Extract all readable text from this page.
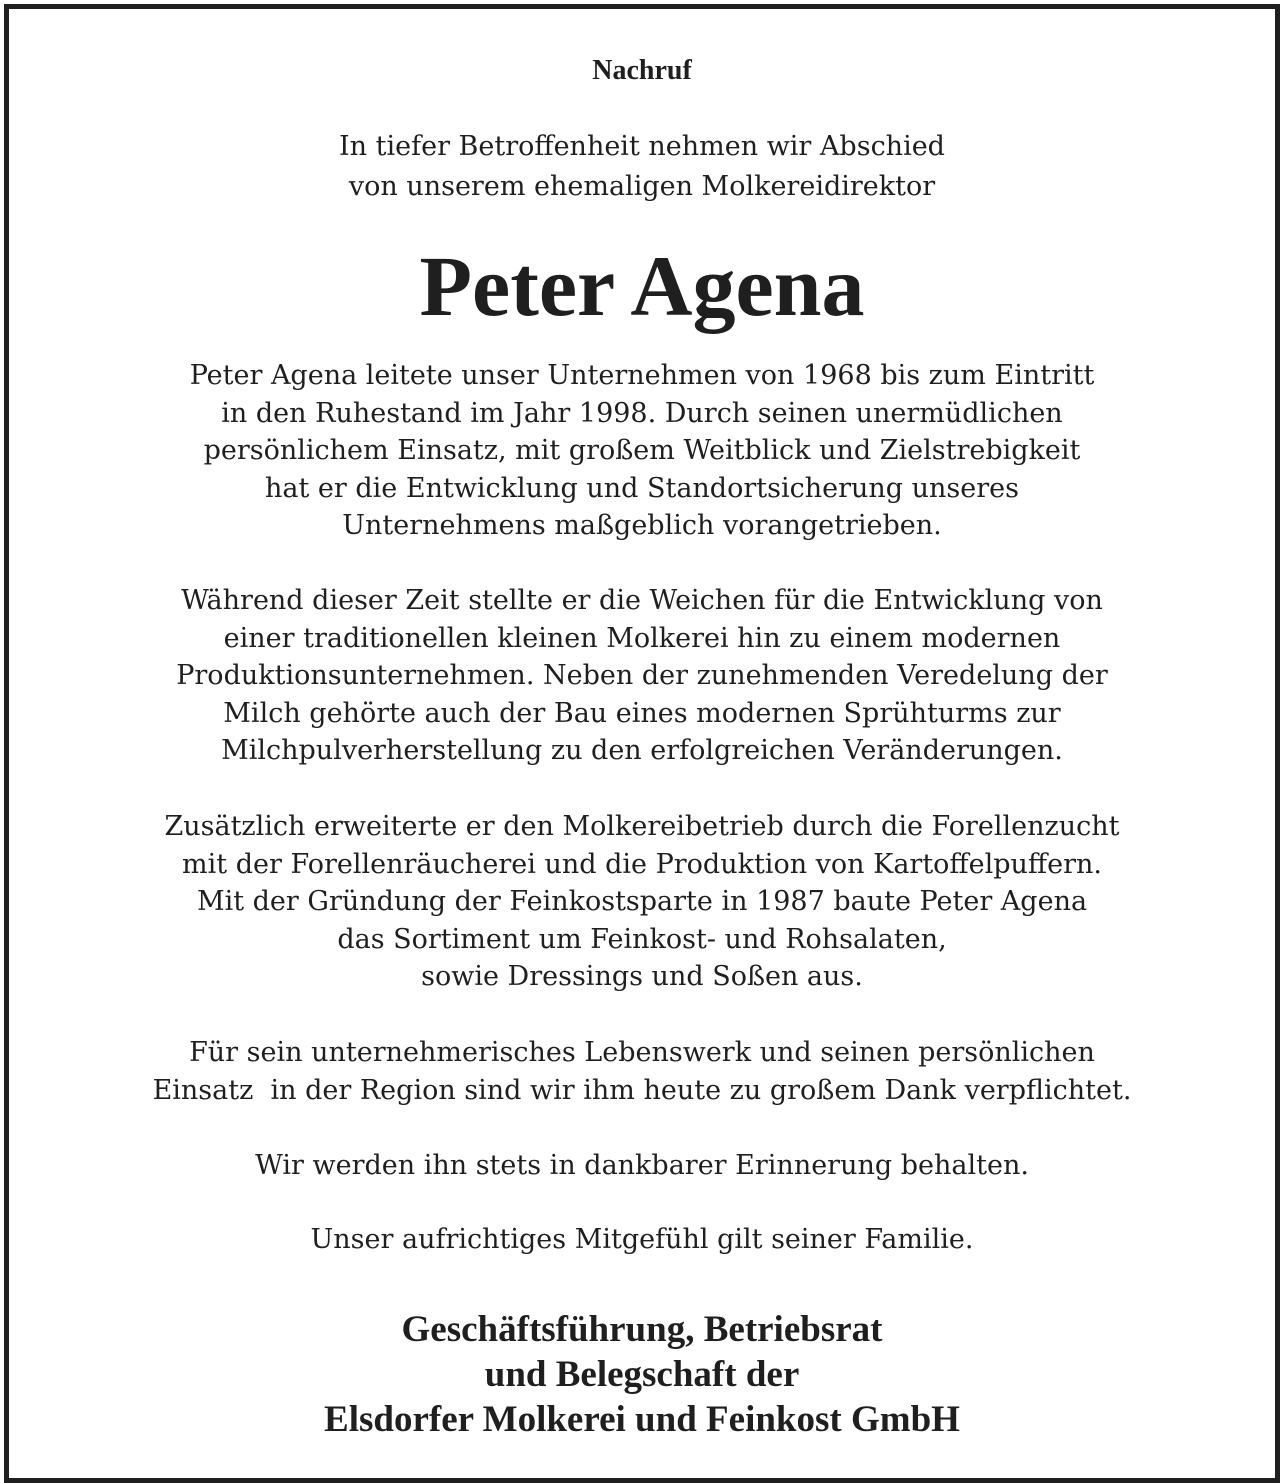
Nachruf
In tiefer Betroffenheit nehmen wir Abschied
von unserem ehemaligen Molkereidirektor
Peter Agena
Peter Agena leitete unser Unternehmen von 1968 bis zum Eintritt
in den Ruhestand im Jahr 1998. Durch seinen unermüdlichen
persönlichem Einsatz, mit großem Weitblick und Zielstrebigkeit
hat er die Entwicklung und Standortsicherung unseres
Unternehmens maßgeblich vorangetrieben.
Während dieser Zeit stellte er die Weichen für die Entwicklung von
einer traditionellen kleinen Molkerei hin zu einem modernen
Produktionsunternehmen. Neben der zunehmenden Veredelung der
Milch gehörte auch der Bau eines modernen Sprühturms zur
Milchpulverherstellung zu den erfolgreichen Veränderungen.
Zusätzlich erweiterte er den Molkereibetrieb durch die Forellenzucht
mit der Forellenräucherei und die Produktion von Kartoffelpuffern.
Mit der Gründung der Feinkostsparte in 1987 baute Peter Agena
das Sortiment um Feinkost- und Rohsalaten,
sowie Dressings und Soßen aus.
Für sein unternehmerisches Lebenswerk und seinen persönlichen
Einsatz  in der Region sind wir ihm heute zu großem Dank verpflichtet.
Wir werden ihn stets in dankbarer Erinnerung behalten.
Unser aufrichtiges Mitgefühl gilt seiner Familie.
Geschäftsführung, Betriebsrat
und Belegschaft der
Elsdorfer Molkerei und Feinkost GmbH
